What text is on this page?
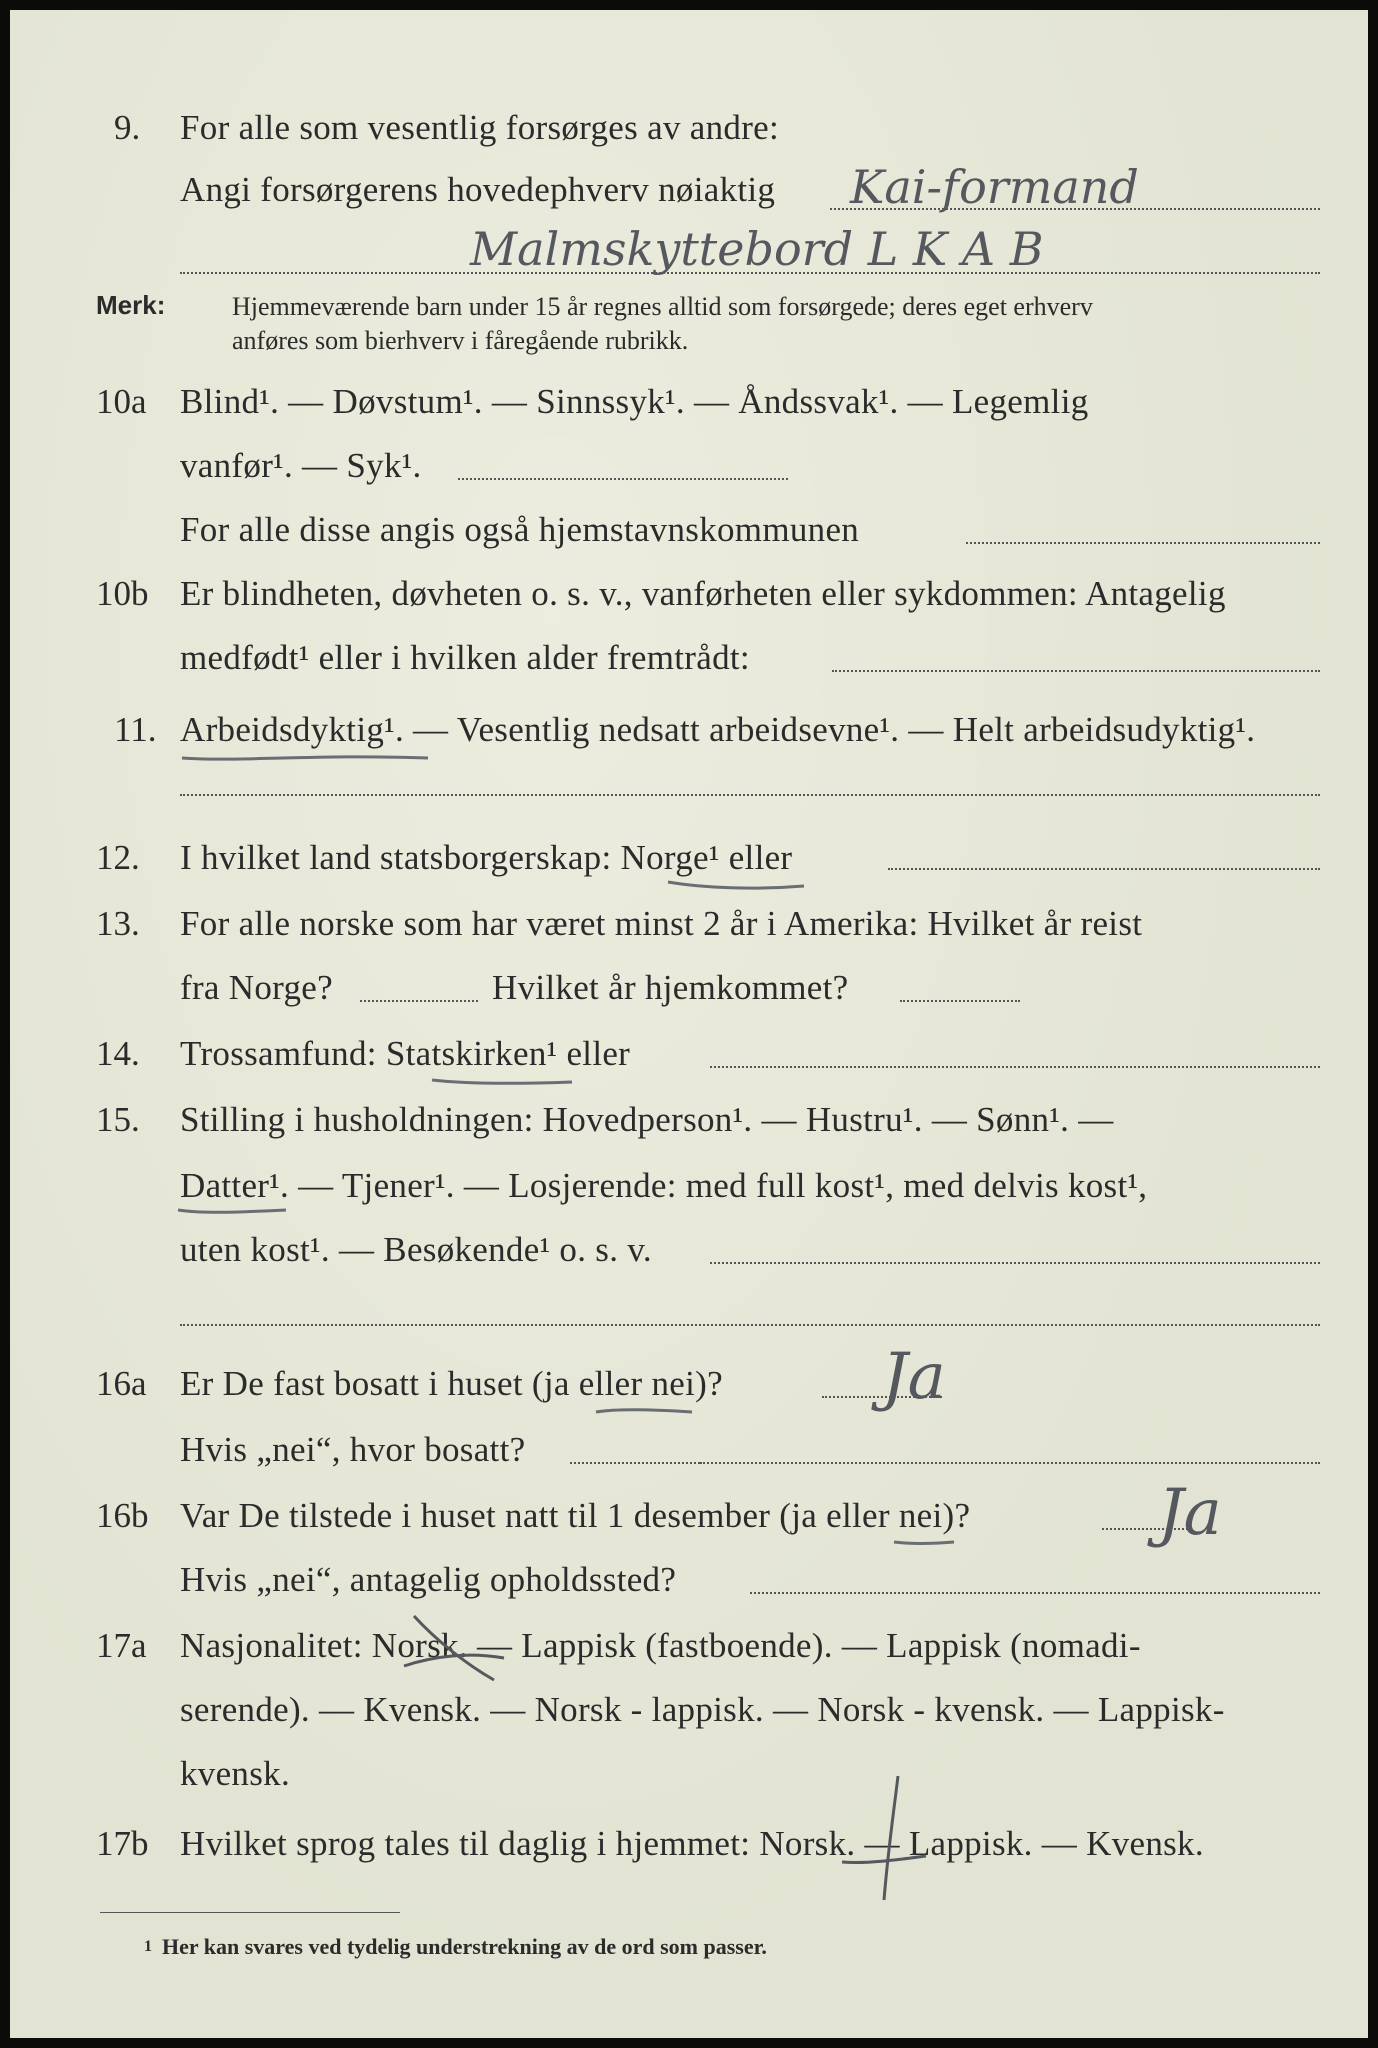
9. For alle som vesentlig forsørges av andre:
Angi forsørgerens hovedерhverv nøiaktig Kai-formand
Malmskyttebord L K A B
Merk:	Hjemmeværende barn under 15 år regnes alltid som forsørgede; deres eget erhverv
anføres som bierhverv i fåregående rubrikk.
10a Blind¹. — Døvstum¹. — Sinnssyk¹. — Åndssvak¹. — Legemlig
vanfør¹. — Syk¹.
For alle disse angis også hjemstavnskommunen
10b Er blindheten, døvheten o. s. v., vanførheten eller sykdommen: Antagelig
medfødt¹ eller i hvilken alder fremtrådt:
11. Arbeidsdyktig¹. — Vesentlig nedsatt arbeidsevne¹. — Helt arbeidsudyktig¹.
12. I hvilket land statsborgerskap: Norge¹ eller
13. For alle norske som har været minst 2 år i Amerika: Hvilket år reist
fra Norge?	Hvilket år hjemkommet?
14. Trossamfund: Statskirken¹ eller
15. Stilling i husholdningen: Hovedperson¹. — Hustru¹. — Sønn¹. —
Datter¹. — Tjener¹. — Losjerende: med full kost¹, med delvis kost¹,
uten kost¹. — Besøkende¹ o. s. v.
16a Er De fast bosatt i huset (ja eller nei)? Ja
Hvis „nei“, hvor bosatt?
16b Var De tilstede i huset natt til 1 desember (ja eller nei)?	Ja
Hvis „nei“, antagelig opholdssted?
17a Nasjonalitet: Norsk. — Lappisk (fastboende). — Lappisk (nomadi-
serende). — Kvensk. — Norsk - lappisk. — Norsk - kvensk. — Lappisk-
kvensk.
17b Hvilket sprog tales til daglig i hjemmet: Norsk. — Lappisk. — Kvensk.
1 Her kan svares ved tydelig understrekning av de ord som passer.
